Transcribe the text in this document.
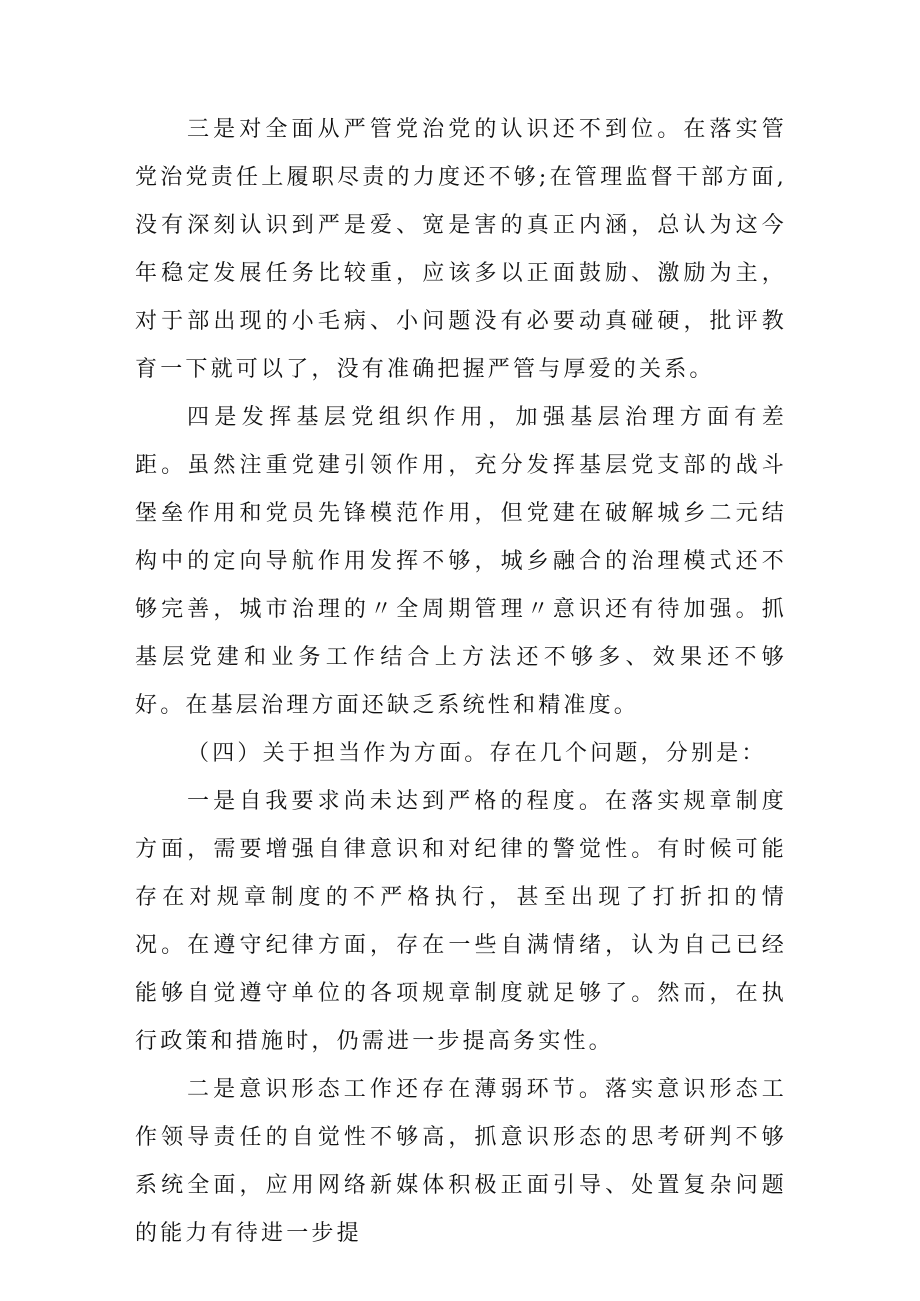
三是对全面从严管党治党的认识还不到位。在落实管党治党责任上履职尽责的力度还不够;在管理监督干部方面,没有深刻认识到严是爱、宽是害的真正内涵，总认为这今年稳定发展任务比较重，应该多以正面鼓励、激励为主，对于部出现的小毛病、小问题没有必要动真碰硬，批评教育一下就可以了，没有准确把握严管与厚爱的关系。

四是发挥基层党组织作用，加强基层治理方面有差距。虽然注重党建引领作用，充分发挥基层党支部的战斗堡垒作用和党员先锋模范作用，但党建在破解城乡二元结构中的定向导航作用发挥不够，城乡融合的治理模式还不够完善，城市治理的〃全周期管理〃意识还有待加强。抓基层党建和业务工作结合上方法还不够多、效果还不够好。在基层治理方面还缺乏系统性和精准度。

（四）关于担当作为方面。存在几个问题，分别是：

一是自我要求尚未达到严格的程度。在落实规章制度方面，需要增强自律意识和对纪律的警觉性。有时候可能存在对规章制度的不严格执行，甚至出现了打折扣的情况。在遵守纪律方面，存在一些自满情绪，认为自己已经能够自觉遵守单位的各项规章制度就足够了。然而，在执行政策和措施时，仍需进一步提高务实性。

二是意识形态工作还存在薄弱环节。落实意识形态工作领导责任的自觉性不够高，抓意识形态的思考研判不够系统全面，应用网络新媒体积极正面引导、处置复杂问题的能力有待进一步提
